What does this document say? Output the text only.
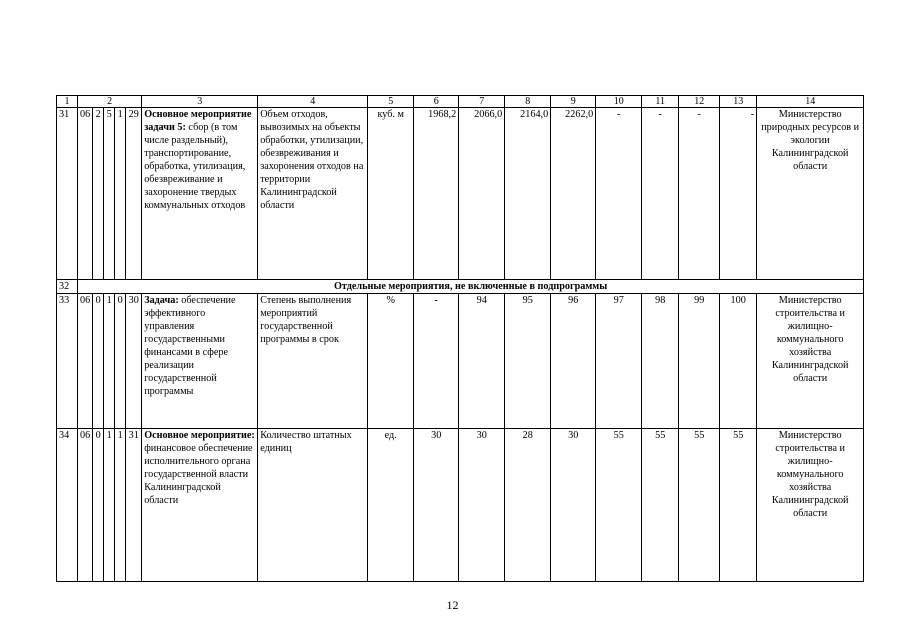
1	2					3	4	5	6	7	8	9	10	11	12	13	14
31	06	2	5	1	29	Основное мероприятие задачи 5: сбор (в том числе раздельный), транспортирование, обработка, утилизация, обезвреживание и захоронение твердых коммунальных отходов	Объем отходов, вывозимых на объекты обработки, утилизации, обезвреживания и захоронения отходов на территории Калининградской области	куб. м	1968,2	2066,0	2164,0	2262,0	-	-	-	-	Министерство природных ресурсов и экологии Калининградской области
32	Отдельные мероприятия, не включенные в подпрограммы																
33	06	0	1	0	30	Задача: обеспечение эффективного управления государственными финансами в сфере реализации государственной программы	Степень выполнения мероприятий государственной программы в срок	%	-	94	95	96	97	98	99	100	Министерство строительства и жилищно-коммунального хозяйства Калининградской области
34	06	0	1	1	31	Основное мероприятие: финансовое обеспечение исполнительного органа государственной власти Калининградской области	Количество штатных единиц	ед.	30	30	28	30	55	55	55	55	Министерство строительства и жилищно-коммунального хозяйства Калининградской области
12
